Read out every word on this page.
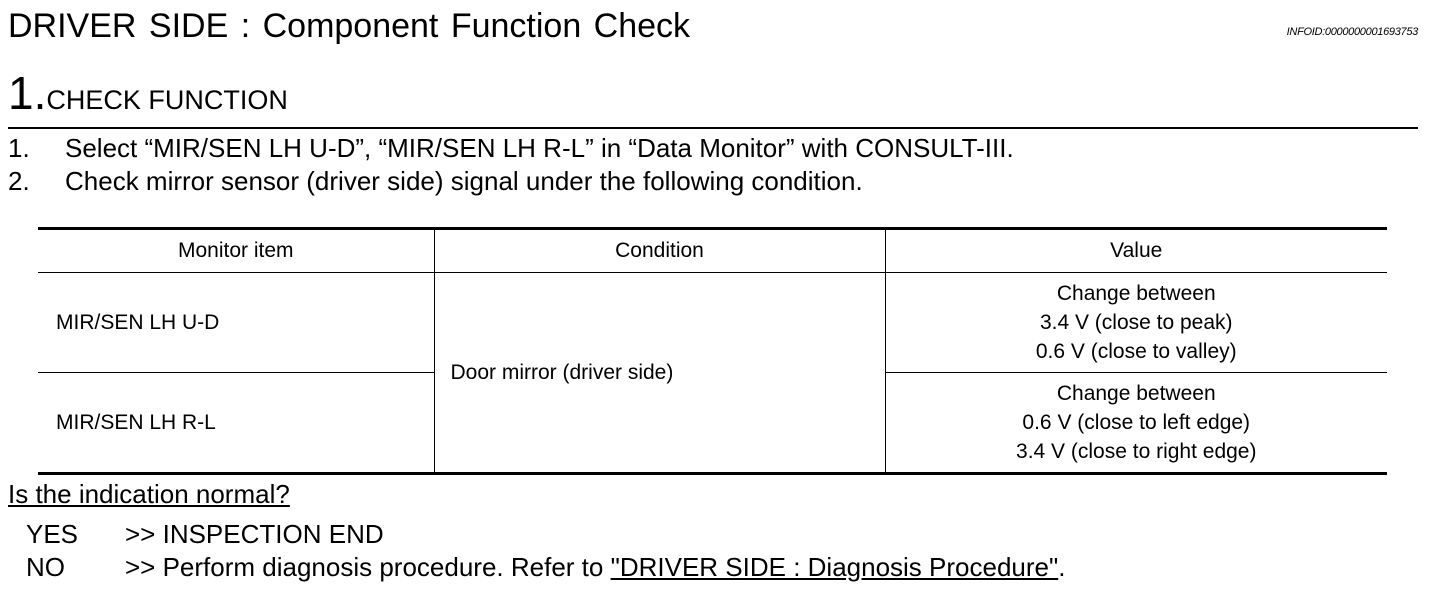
DRIVER SIDE : Component Function Check	INFOID:0000000001693753
1.CHECK FUNCTION
1.	Select “MIR/SEN LH U-D”, “MIR/SEN LH R-L” in “Data Monitor” with CONSULT-III.
2.	Check mirror sensor (driver side) signal under the following condition.
Monitor item	Condition	Value
MIR/SEN LH U-D	Door mirror (driver side)	Change between
3.4 V (close to peak)
0.6 V (close to valley)

MIR/SEN LH R-L		Change between
0.6 V (close to left edge)
3.4 V (close to right edge)
Is the indication normal?
YES	>> INSPECTION END
NO	>> Perform diagnosis procedure. Refer to "DRIVER SIDE : Diagnosis Procedure".
